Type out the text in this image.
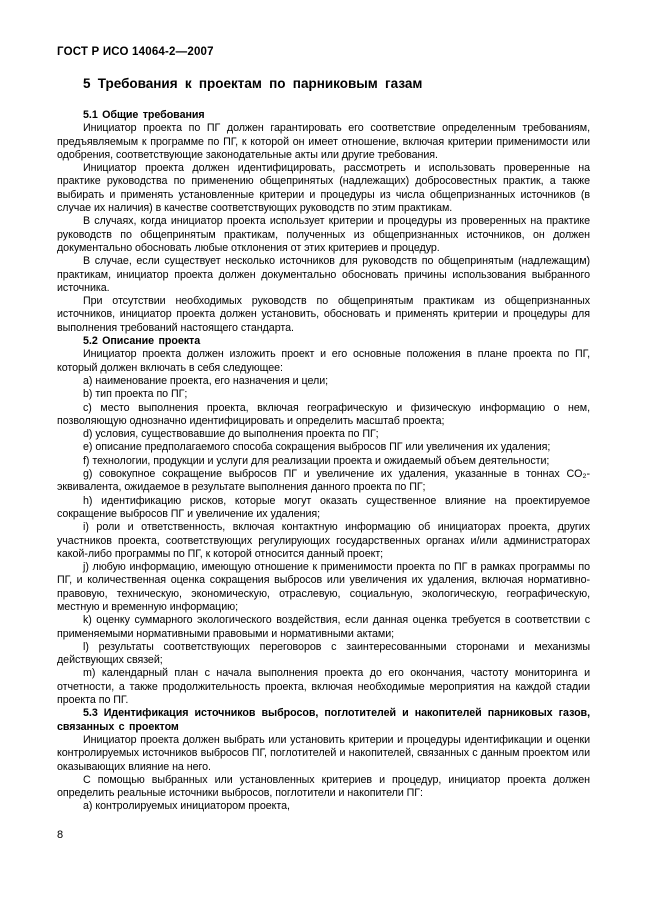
ГОСТ Р ИСО 14064-2—2007
5 Требования к проектам по парниковым газам

5.1 Общие требования

Инициатор проекта по ПГ должен гарантировать его соответствие определенным требованиям, предъявляемым к программе по ПГ, к которой он имеет отношение, включая критерии применимости или одобрения, соответствующие законодательные акты или другие требования.

Инициатор проекта должен идентифицировать, рассмотреть и использовать проверенные на практике руководства по применению общепринятых (надлежащих) добросовестных практик, а также выбирать и применять установленные критерии и процедуры из числа общепризнанных источников (в случае их наличия) в качестве соответствующих руководств по этим практикам.

В случаях, когда инициатор проекта использует критерии и процедуры из проверенных на практике руководств по общепринятым практикам, полученных из общепризнанных источников, он должен документально обосновать любые отклонения от этих критериев и процедур.

В случае, если существует несколько источников для руководств по общепринятым (надлежащим) практикам, инициатор проекта должен документально обосновать причины использования выбранного источника.

При отсутствии необходимых руководств по общепринятым практикам из общепризнанных источников, инициатор проекта должен установить, обосновать и применять критерии и процедуры для выполнения требований настоящего стандарта.

5.2 Описание проекта

Инициатор проекта должен изложить проект и его основные положения в плане проекта по ПГ, который должен включать в себя следующее:

a) наименование проекта, его назначения и цели;

b) тип проекта по ПГ;

c) место выполнения проекта, включая географическую и физическую информацию о нем, позволяющую однозначно идентифицировать и определить масштаб проекта;

d) условия, существовавшие до выполнения проекта по ПГ;

e) описание предполагаемого способа сокращения выбросов ПГ или увеличения их удаления;

f) технологии, продукции и услуги для реализации проекта и ожидаемый объем деятельности;

g) совокупное сокращение выбросов ПГ и увеличение их удаления, указанные в тоннах CO₂-эквивалента, ожидаемое в результате выполнения данного проекта по ПГ;

h) идентификацию рисков, которые могут оказать существенное влияние на проектируемое сокращение выбросов ПГ и увеличение их удаления;

i) роли и ответственность, включая контактную информацию об инициаторах проекта, других участников проекта, соответствующих регулирующих государственных органах и/или администраторах какой-либо программы по ПГ, к которой относится данный проект;

j) любую информацию, имеющую отношение к применимости проекта по ПГ в рамках программы по ПГ, и количественная оценка сокращения выбросов или увеличения их удаления, включая нормативно-правовую, техническую, экономическую, отраслевую, социальную, экологическую, географическую, местную и временную информацию;

k) оценку суммарного экологического воздействия, если данная оценка требуется в соответствии с применяемыми нормативными правовыми и нормативными актами;

l) результаты соответствующих переговоров с заинтересованными сторонами и механизмы действующих связей;

m) календарный план с начала выполнения проекта до его окончания, частоту мониторинга и отчетности, а также продолжительность проекта, включая необходимые мероприятия на каждой стадии проекта по ПГ.

5.3 Идентификация источников выбросов, поглотителей и накопителей парниковых газов, связанных с проектом

Инициатор проекта должен выбрать или установить критерии и процедуры идентификации и оценки контролируемых источников выбросов ПГ, поглотителей и накопителей, связанных с данным проектом или оказывающих влияние на него.

С помощью выбранных или установленных критериев и процедур, инициатор проекта должен определить реальные источники выбросов, поглотители и накопители ПГ:

a) контролируемых инициатором проекта,

8
